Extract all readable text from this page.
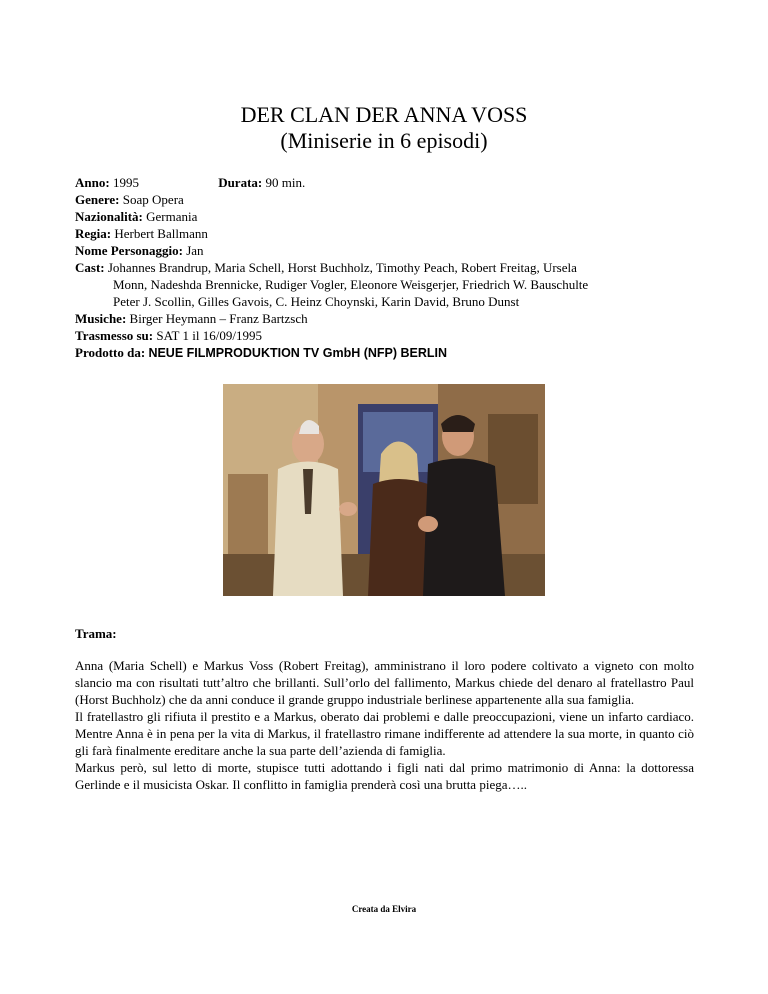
DER CLAN DER ANNA VOSS
(Miniserie in 6 episodi)
Anno: 1995	Durata: 90 min.
Genere: Soap Opera
Nazionalità: Germania
Regia: Herbert Ballmann
Nome Personaggio: Jan
Cast: Johannes Brandrup, Maria Schell, Horst Buchholz, Timothy Peach, Robert Freitag, Ursela
Monn, Nadeshda Brennicke, Rudiger Vogler, Eleonore Weisgerjer, Friedrich W. Bauschulte
Peter J. Scollin, Gilles Gavois, C. Heinz Choynski, Karin David, Bruno Dunst
Musiche: Birger Heymann – Franz Bartzsch
Trasmesso su: SAT 1 il 16/09/1995
Prodotto da: NEUE FILMPRODUKTION TV GmbH (NFP) BERLIN
Trama:

Anna (Maria Schell) e Markus Voss (Robert Freitag), amministrano il loro podere coltivato a vigneto con molto slancio ma con risultati tutt’altro che brillanti. Sull’orlo del fallimento, Markus chiede del denaro al fratellastro Paul (Horst Buchholz) che da anni conduce il grande gruppo industriale berlinese appartenente alla sua famiglia.

Il fratellastro gli rifiuta il prestito e a Markus, oberato dai problemi e dalle preoccupazioni, viene un infarto cardiaco. Mentre Anna è in pena per la vita di Markus, il fratellastro rimane indifferente ad attendere la sua morte, in quanto ciò gli farà finalmente ereditare anche la sua parte dell’azienda di famiglia.

Markus però, sul letto di morte, stupisce tutti adottando i figli nati dal primo matrimonio di Anna: la dottoressa Gerlinde e il musicista Oskar. Il conflitto in famiglia prenderà così una brutta piega…..

Creata da Elvira
